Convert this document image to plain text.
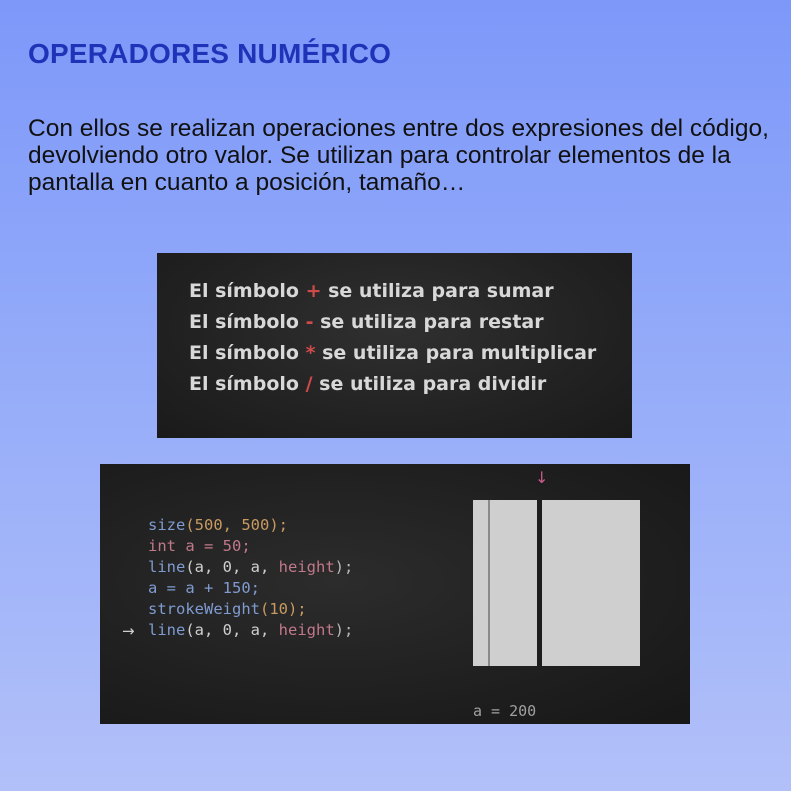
OPERADORES NUMÉRICO
Con ellos se realizan operaciones entre dos expresiones del código, devolviendo otro valor. Se utilizan para controlar elementos de la pantalla en cuanto a posición, tamaño…
El símbolo + se utiliza para sumar
El símbolo - se utiliza para restar
El símbolo * se utiliza para multiplicar
El símbolo / se utiliza para dividir
size(500, 500);
int a = 50;
line(a, 0, a, height);
a = a + 150;
strokeWeight(10);
line(a, 0, a, height);
→
↓
a = 200
